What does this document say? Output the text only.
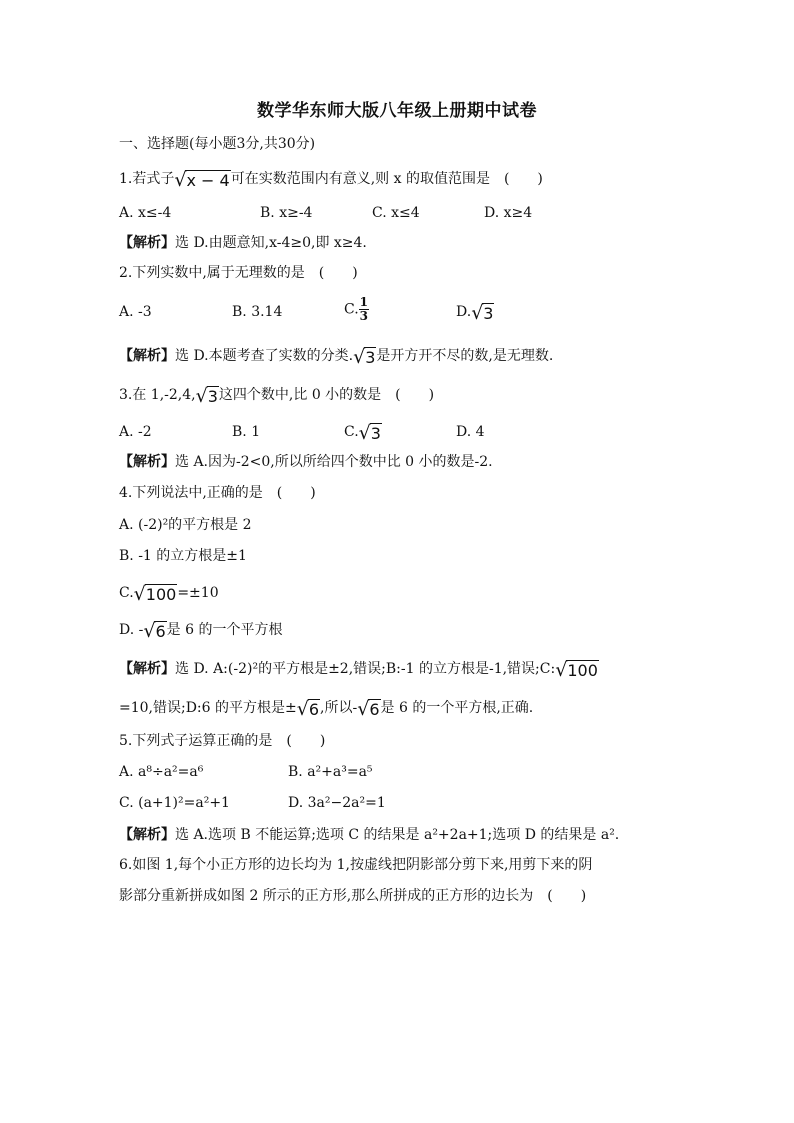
数学华东师大版八年级上册期中试卷
一、选择题(每小题3分,共30分)
1.若式子 √ x − 4 可在实数范围内有意义,则 x 的取值范围是　(　　)
A. x≤-4	B. x≥-4	C. x≤4	D. x≥4
【解析】选 D.由题意知,x-4≥0,即 x≥4.
2.下列实数中,属于无理数的是　(　　)
A. -3	B. 3.14	C. $\frac{1}{3}$	D. √ 3
【解析】选 D.本题考查了实数的分类. √ 3 是开方开不尽的数,是无理数.
3.在 1,-2,4, √ 3 这四个数中,比 0 小的数是　(　　)
A. -2	B. 1	C. √ 3	D. 4
【解析】选 A.因为-2<0,所以所给四个数中比 0 小的数是-2.
4.下列说法中,正确的是　(　　)
A. (-2)²的平方根是 2
B. -1 的立方根是±1
C. √ 100 =±10
D. - √ 6 是 6 的一个平方根
【解析】选 D. A:(-2)²的平方根是±2,错误;B:-1 的立方根是-1,错误;C: √ 100
=10,错误;D:6 的平方根是± √ 6 ,所以- √ 6 是 6 的一个平方根,正确.
5.下列式子运算正确的是　(　　)
A. a⁸÷a²=a⁶	B. a²+a³=a⁵
C. (a+1)²=a²+1	D. 3a²−2a²=1
【解析】选 A.选项 B 不能运算;选项 C 的结果是 a²+2a+1;选项 D 的结果是 a².
6.如图 1,每个小正方形的边长均为 1,按虚线把阴影部分剪下来,用剪下来的阴
影部分重新拼成如图 2 所示的正方形,那么所拼成的正方形的边长为　(　　)
